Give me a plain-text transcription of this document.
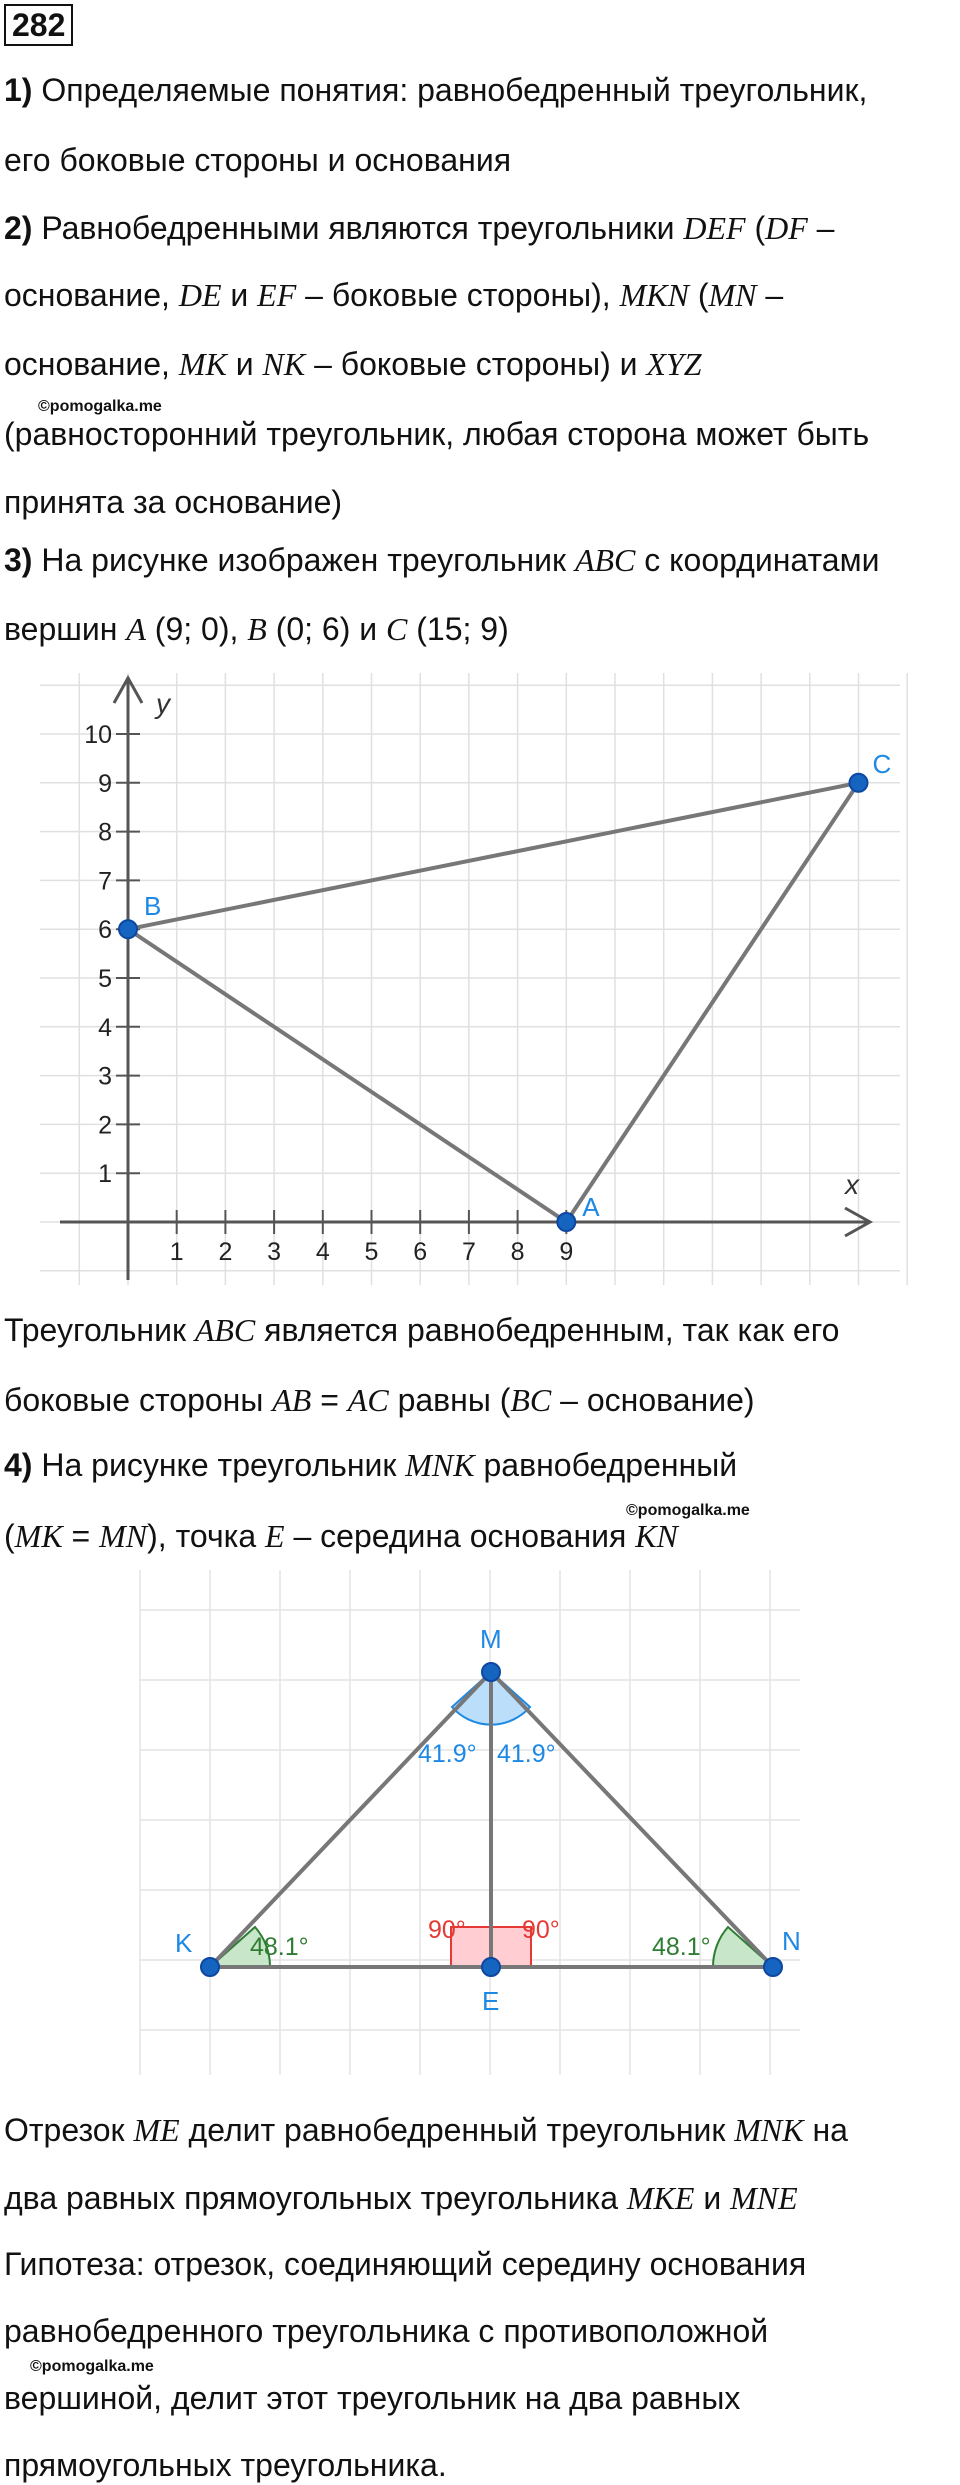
282
1) Определяемые понятия: равнобедренный треугольник,
его боковые стороны и основания
2) Равнобедренными являются треугольники DEF (DF –
основание, DE и EF – боковые стороны), MKN (MN –
основание, MK и NK – боковые стороны) и XYZ
©pomogalka.me
(равносторонний треугольник, любая сторона может быть
принята за основание)
3) На рисунке изображен треугольник ABC с координатами
вершин A (9; 0), B (0; 6) и C (15; 9)
A
B
C
1 2 3 4 5 6 7 8 9
1
2
3
4
5
6
7
8
9
10
x
y
Треугольник ABC является равнобедренным, так как его
боковые стороны AB = AC равны (BC – основание)
4) На рисунке треугольник MNK равнобедренный
©pomogalka.me
(MK = MN), точка E – середина основания KN
48.1°	48.1°
41.9° 41.9°
90° 90°
M
K	N
E
Отрезок ME делит равнобедренный треугольник MNK на
два равных прямоугольных треугольника MKE и MNE
Гипотеза: отрезок, соединяющий середину основания
равнобедренного треугольника с противоположной
©pomogalka.me
вершиной, делит этот треугольник на два равных
прямоугольных треугольника.
